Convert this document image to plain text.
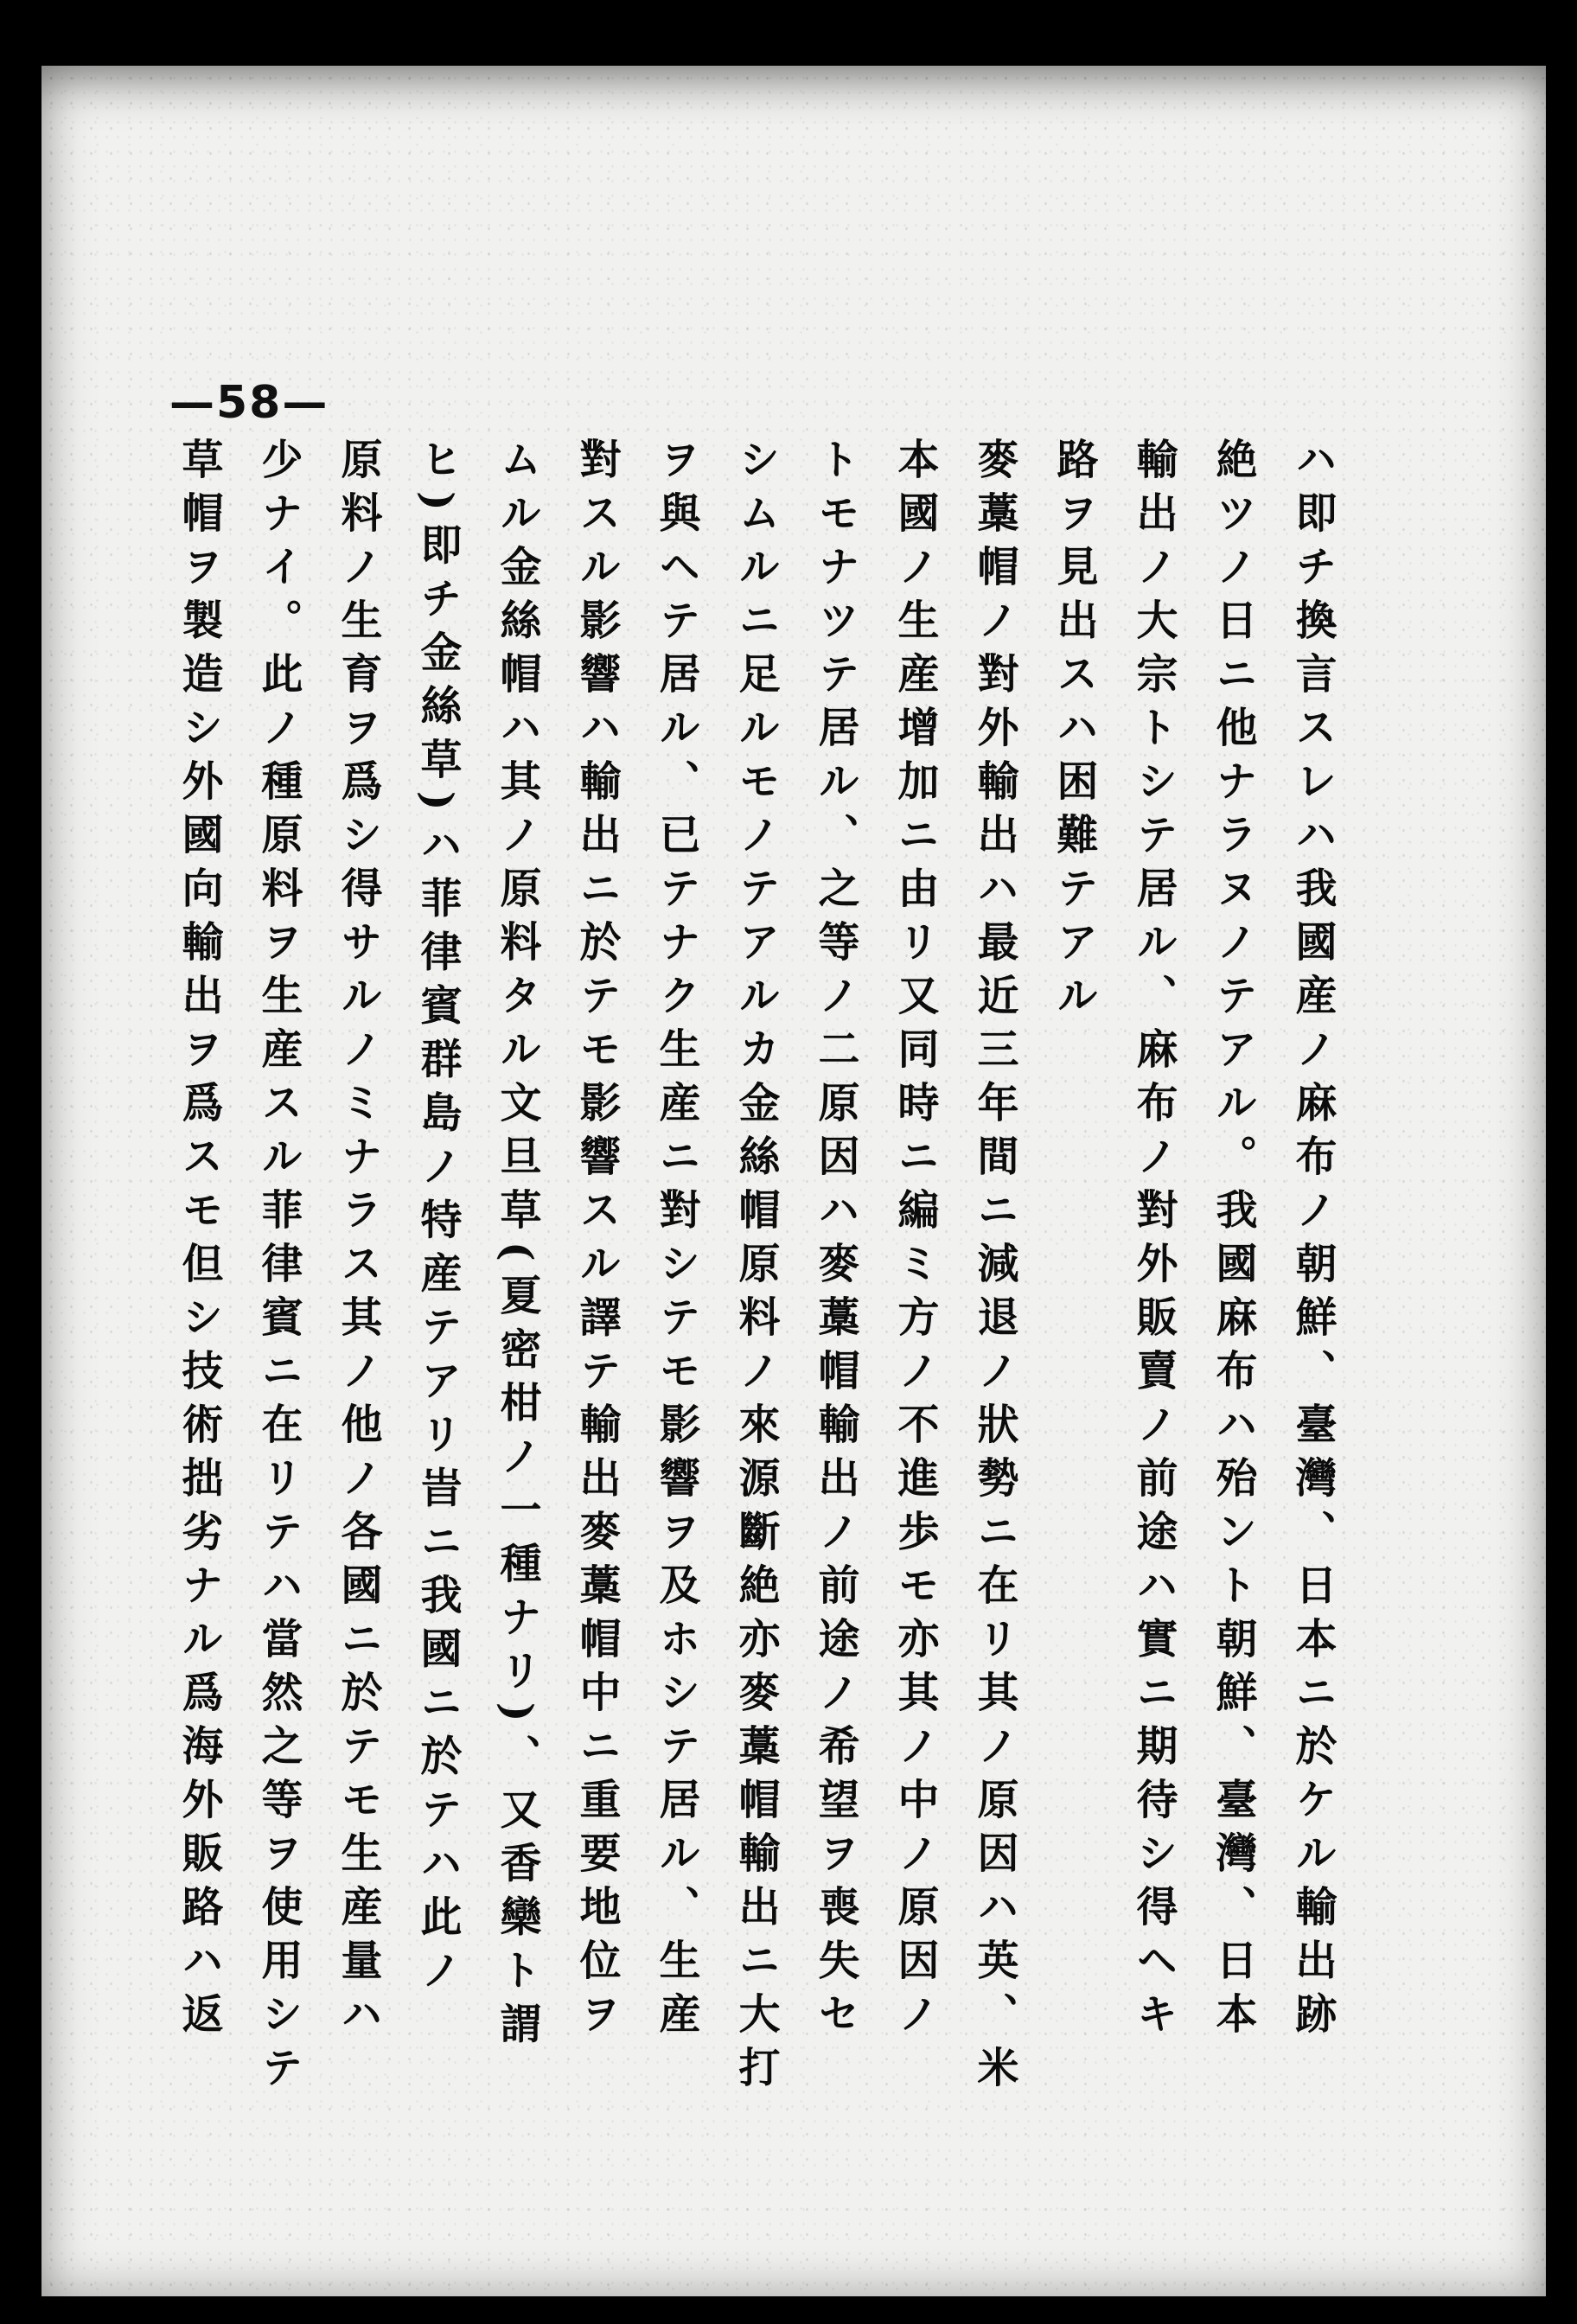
—58—
ハ即チ換言スレハ我國産ノ麻布ノ朝鮮、臺灣、日本ニ於ケル輸出跡
絶ツノ日ニ他ナラヌノテアル。我國麻布ハ殆ント朝鮮、臺灣、日本
輸出ノ大宗トシテ居ル、麻布ノ對外販賣ノ前途ハ實ニ期待シ得ヘキ
路ヲ見出スハ困難テアル
麥藁帽ノ對外輸出ハ最近三年間ニ減退ノ狀勢ニ在リ其ノ原因ハ英、米
本國ノ生産增加ニ由リ又同時ニ編ミ方ノ不進歩モ亦其ノ中ノ原因ノ
トモナツテ居ル、之等ノ二原因ハ麥藁帽輸出ノ前途ノ希望ヲ喪失セ
シムルニ足ルモノテアルカ金絲帽原料ノ來源斷絶亦麥藁帽輸出ニ大打
ヲ與ヘテ居ル、已テナク生産ニ對シテモ影響ヲ及ホシテ居ル、生産
對スル影響ハ輸出ニ於テモ影響スル譯テ輸出麥藁帽中ニ重要地位ヲ
ムル金絲帽ハ其ノ原料タル文旦草(夏密柑ノ一種ナリ)、又香欒ト謂
ヒ)即チ金絲草)ハ菲律賓群島ノ特産テアリ旹ニ我國ニ於テハ此ノ
原料ノ生育ヲ爲シ得サルノミナラス其ノ他ノ各國ニ於テモ生産量ハ
少ナイ。此ノ種原料ヲ生産スル菲律賓ニ在リテハ當然之等ヲ使用シテ
草帽ヲ製造シ外國向輸出ヲ爲スモ但シ技術拙劣ナル爲海外販路ハ返
